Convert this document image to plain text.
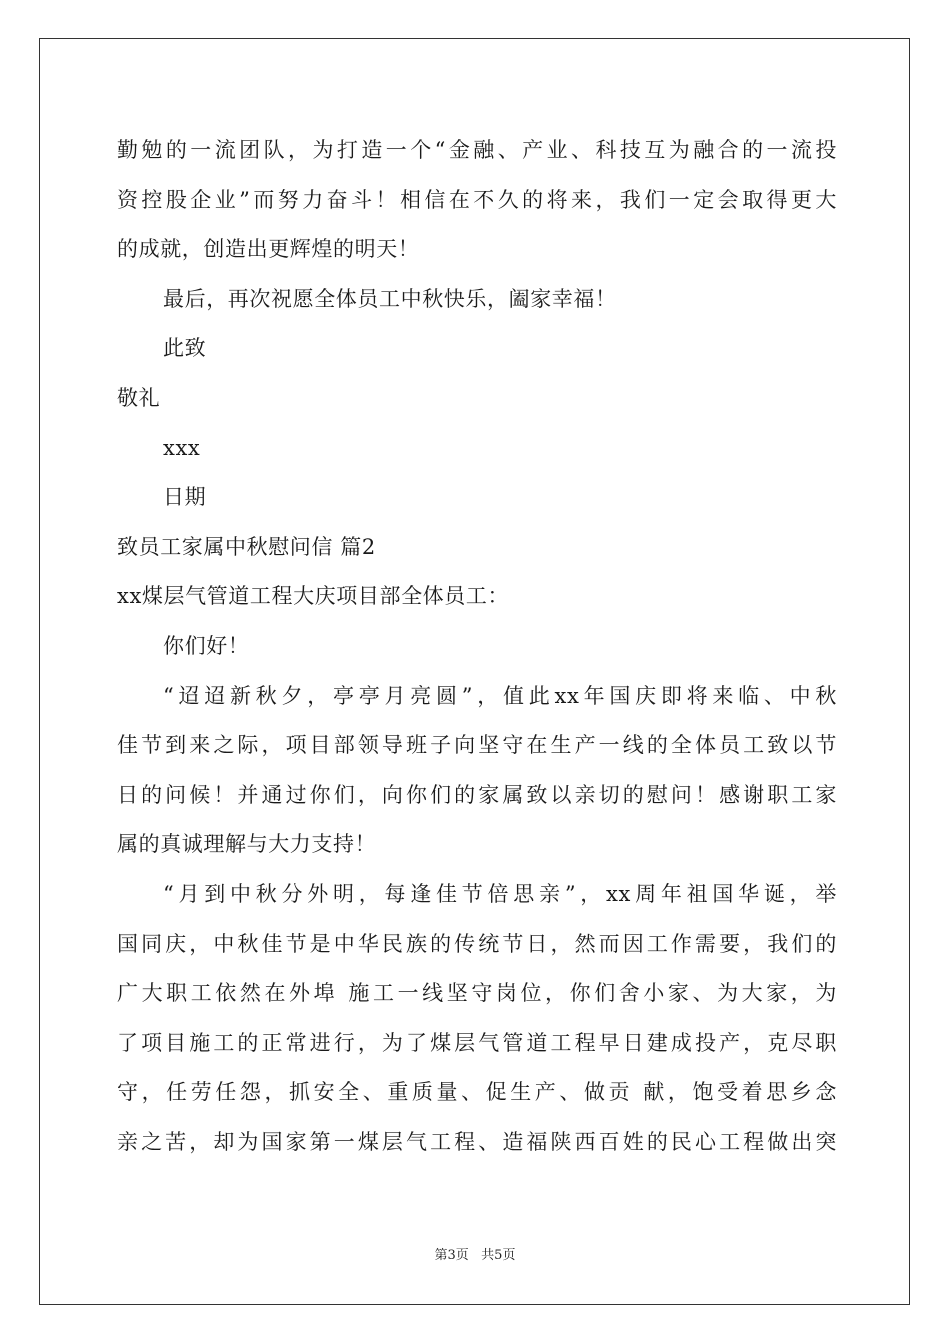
勤勉的一流团队，为打造一个“金融、产业、科技互为融合的一流投
资控股企业”而努力奋斗！相信在不久的将来，我们一定会取得更大
的成就，创造出更辉煌的明天！
最后，再次祝愿全体员工中秋快乐，阖家幸福！
此致
敬礼
xxx
日期
致员工家属中秋慰问信 篇2
xx煤层气管道工程大庆项目部全体员工：
你们好！
“迢迢新秋夕，亭亭月亮圆”，值此xx年国庆即将来临、中秋
佳节到来之际，项目部领导班子向坚守在生产一线的全体员工致以节
日的问候！并通过你们，向你们的家属致以亲切的慰问！感谢职工家
属的真诚理解与大力支持！
“月到中秋分外明，每逢佳节倍思亲”，xx周年祖国华诞，举
国同庆，中秋佳节是中华民族的传统节日，然而因工作需要，我们的
广大职工依然在外埠 施工一线坚守岗位，你们舍小家、为大家，为
了项目施工的正常进行，为了煤层气管道工程早日建成投产，克尽职
守，任劳任怨，抓安全、重质量、促生产、做贡 献，饱受着思乡念
亲之苦，却为国家第一煤层气工程、造福陕西百姓的民心工程做出突
第3页   共5页
